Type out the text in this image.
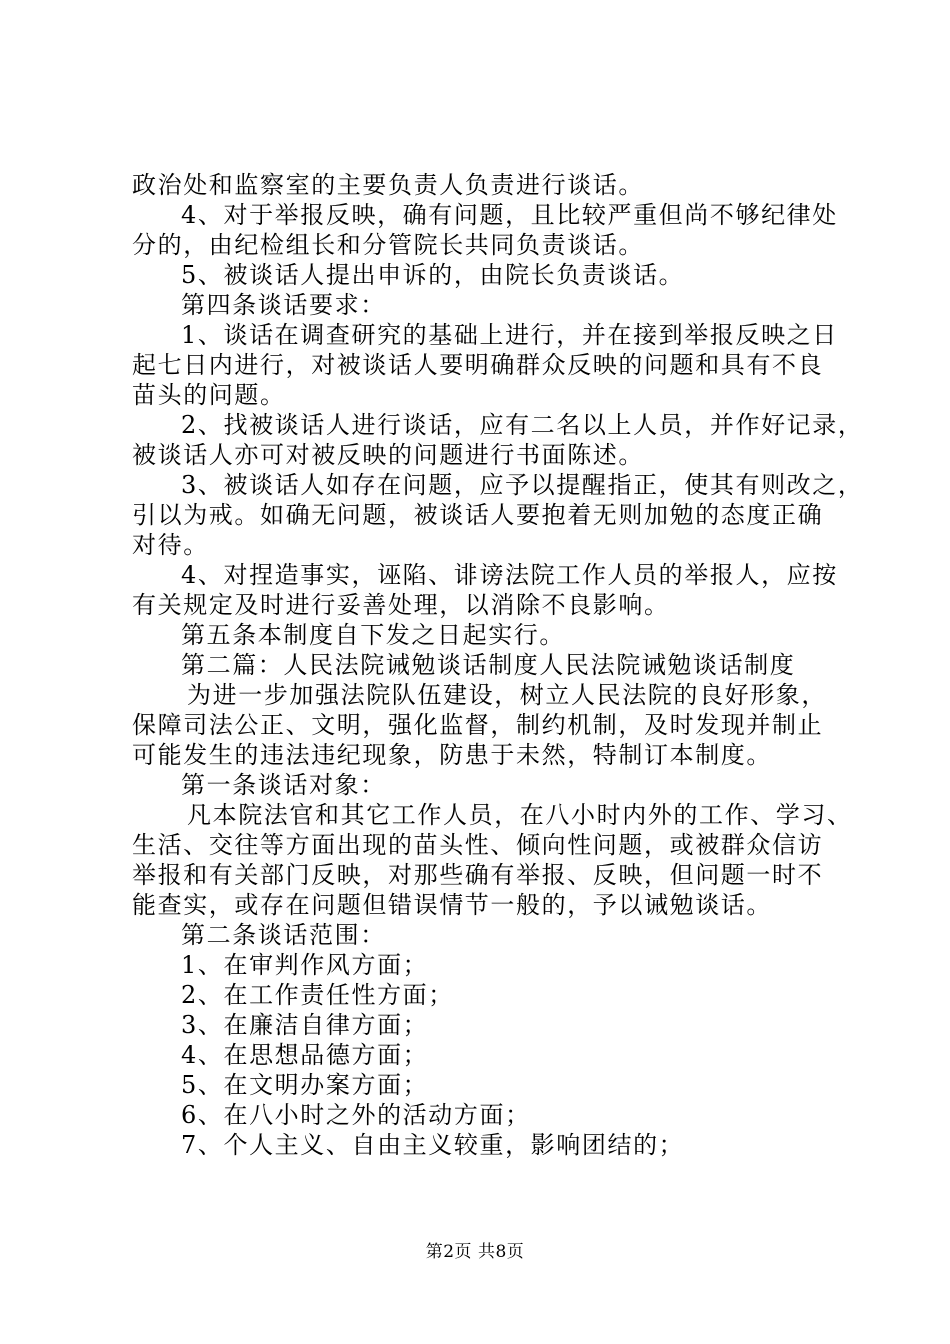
政治处和监察室的主要负责人负责进行谈话。

4、对于举报反映，确有问题，且比较严重但尚不够纪律处

分的，由纪检组长和分管院长共同负责谈话。

5、被谈话人提出申诉的，由院长负责谈话。

第四条谈话要求：

1、谈话在调查研究的基础上进行，并在接到举报反映之日

起七日内进行，对被谈话人要明确群众反映的问题和具有不良

苗头的问题。

2、找被谈话人进行谈话，应有二名以上人员，并作好记录，

被谈话人亦可对被反映的问题进行书面陈述。

3、被谈话人如存在问题，应予以提醒指正，使其有则改之，

引以为戒。如确无问题，被谈话人要抱着无则加勉的态度正确

对待。

4、对捏造事实，诬陷、诽谤法院工作人员的举报人，应按

有关规定及时进行妥善处理，以消除不良影响。

第五条本制度自下发之日起实行。

第二篇：人民法院诫勉谈话制度人民法院诫勉谈话制度

为进一步加强法院队伍建设，树立人民法院的良好形象，

保障司法公正、文明，强化监督，制约机制，及时发现并制止

可能发生的违法违纪现象，防患于未然，特制订本制度。

第一条谈话对象：

凡本院法官和其它工作人员，在八小时内外的工作、学习、

生活、交往等方面出现的苗头性、倾向性问题，或被群众信访

举报和有关部门反映，对那些确有举报、反映，但问题一时不

能查实，或存在问题但错误情节一般的，予以诫勉谈话。

第二条谈话范围：

1、在审判作风方面；

2、在工作责任性方面；

3、在廉洁自律方面；

4、在思想品德方面；

5、在文明办案方面；

6、在八小时之外的活动方面；

7、个人主义、自由主义较重，影响团结的；

第2页 共8页
